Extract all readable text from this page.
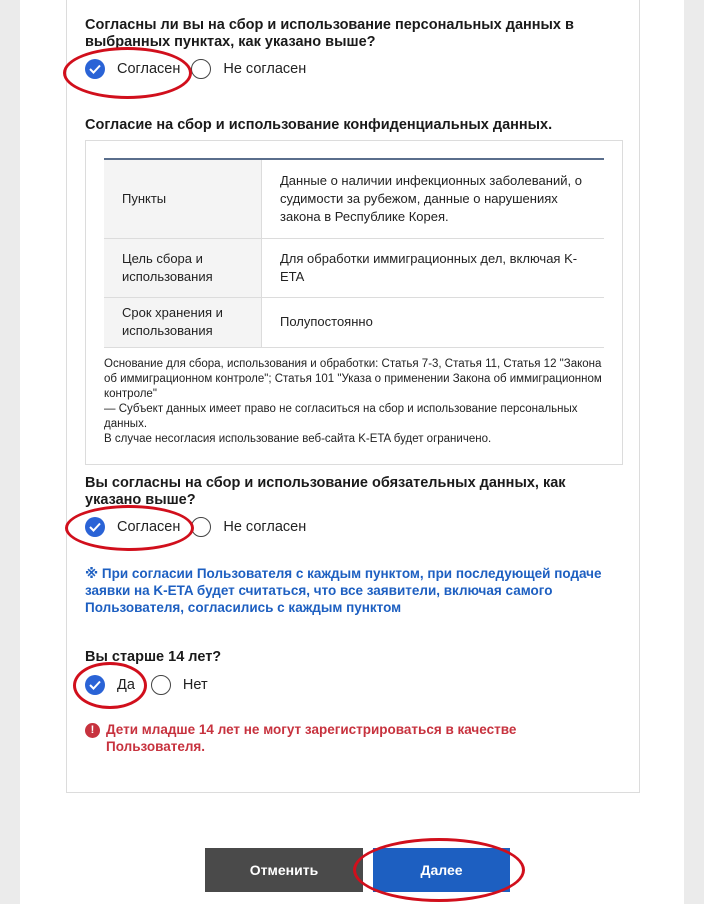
Согласны ли вы на сбор и использование персональных данных в выбранных пунктах, как указано выше?
Согласен	Не согласен
Согласие на сбор и использование конфиденциальных данных.
Пункты	Данные о наличии инфекционных заболеваний, о судимости за рубежом, данные о нарушениях закона в Республике Корея.
Цель сбора и использования	Для обработки иммиграционных дел, включая K-ETA
Срок хранения и использования	Полупостоянно
Основание для сбора, использования и обработки: Статья 7-3, Статья 11, Статья 12 "Закона об иммиграционном контроле"; Статья 101 "Указа о применении Закона об иммиграционном контроле"
— Субъект данных имеет право не согласиться на сбор и использование персональных данных.
В случае несогласия использование веб-сайта K-ETA будет ограничено.
Вы согласны на сбор и использование обязательных данных, как указано выше?
Согласен	Не согласен
※ При согласии Пользователя с каждым пунктом, при последующей подаче заявки на K-ETA будет считаться, что все заявители, включая самого Пользователя, согласились с каждым пунктом
Вы старше 14 лет?
Да	Нет
! Дети младше 14 лет не могут зарегистрироваться в качестве Пользователя.
Отменить	Далее
